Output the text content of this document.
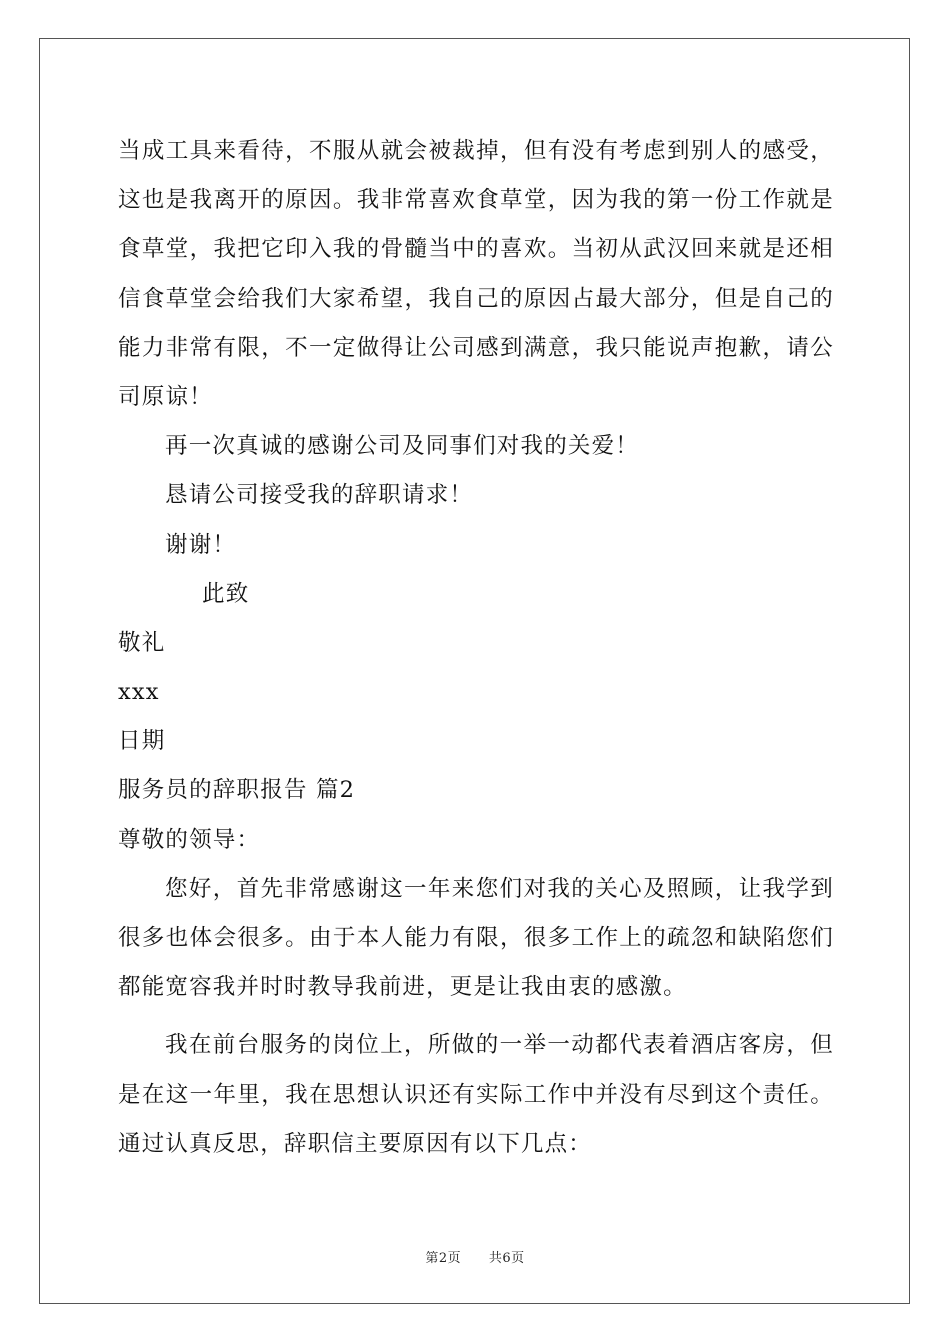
当成工具来看待，不服从就会被裁掉，但有没有考虑到别人的感受，
这也是我离开的原因。我非常喜欢食草堂，因为我的第一份工作就是
食草堂，我把它印入我的骨髓当中的喜欢。当初从武汉回来就是还相
信食草堂会给我们大家希望，我自己的原因占最大部分，但是自己的
能力非常有限，不一定做得让公司感到满意，我只能说声抱歉，请公
司原谅！
再一次真诚的感谢公司及同事们对我的关爱！
恳请公司接受我的辞职请求！
谢谢！
此致
敬礼
xxx
日期
服务员的辞职报告 篇2
尊敬的领导：
您好，首先非常感谢这一年来您们对我的关心及照顾，让我学到
很多也体会很多。由于本人能力有限，很多工作上的疏忽和缺陷您们
都能宽容我并时时教导我前进，更是让我由衷的感激。
我在前台服务的岗位上，所做的一举一动都代表着酒店客房，但
是在这一年里，我在思想认识还有实际工作中并没有尽到这个责任。
通过认真反思，辞职信主要原因有以下几点：
第2页 共6页
